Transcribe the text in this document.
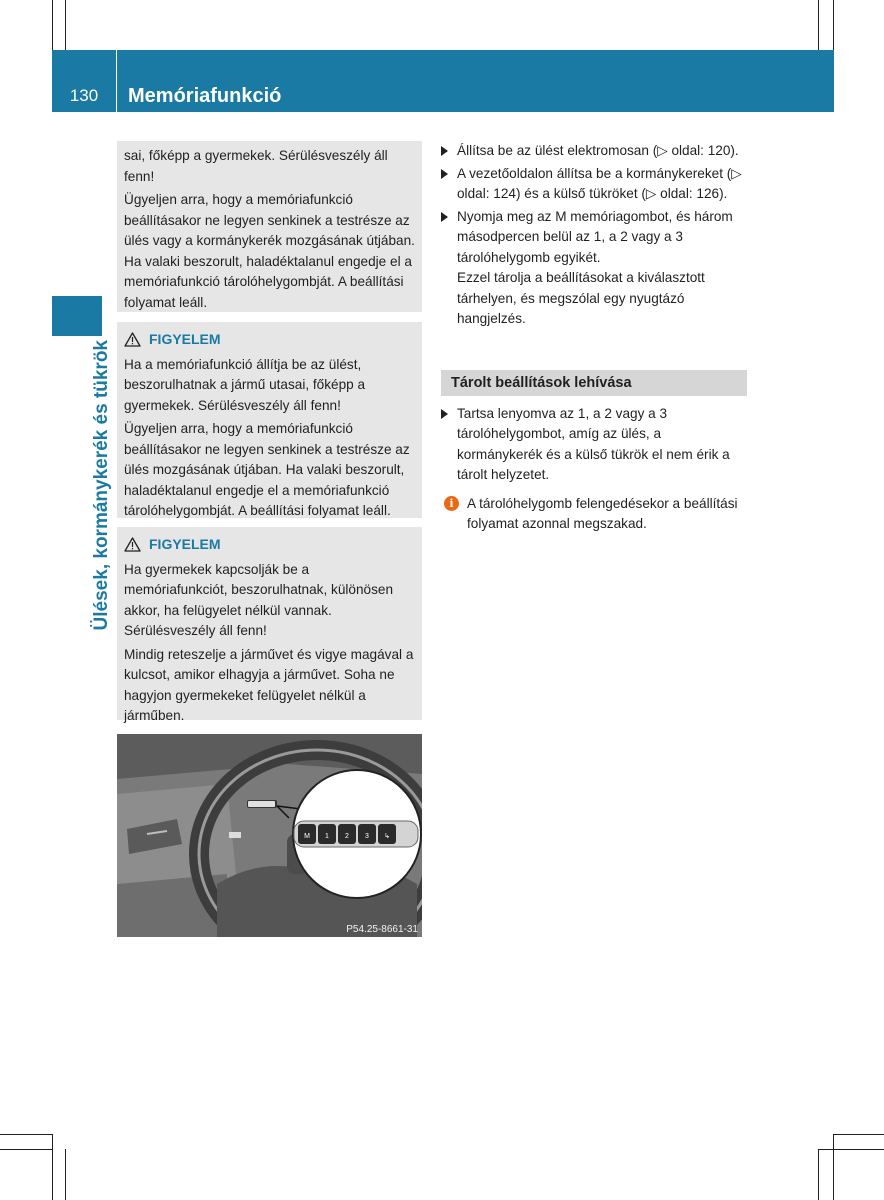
130	Memóriafunkció
Ülések, kormánykerék és tükrök

sai, főképp a gyermekek. Sérülésveszély áll fenn!

Ügyeljen arra, hogy a memóriafunkció beállításakor ne legyen senkinek a testrésze az ülés vagy a kormánykerék mozgásának útjában. Ha valaki beszorult, haladéktalanul engedje el a memóriafunkció tárolóhelygombját. A beállítási folyamat leáll.

FIGYELEM

Ha a memóriafunkció állítja be az ülést, beszorulhatnak a jármű utasai, főképp a gyermekek. Sérülésveszély áll fenn!

Ügyeljen arra, hogy a memóriafunkció beállításakor ne legyen senkinek a testrésze az ülés mozgásának útjában. Ha valaki beszorult, haladéktalanul engedje el a memóriafunkció tárolóhelygombját. A beállítási folyamat leáll.

FIGYELEM

Ha gyermekek kapcsolják be a memóriafunkciót, beszorulhatnak, különösen akkor, ha felügyelet nélkül vannak. Sérülésveszély áll fenn!

Mindig reteszelje a járművet és vigye magával a kulcsot, amikor elhagyja a járművet. Soha ne hagyjon gyermekeket felügyelet nélkül a járműben.

M 1 2 3 ↳
P54.25-8661-31
Állítsa be az ülést elektromosan (▷ oldal: 120).
A vezetőoldalon állítsa be a kormánykereket (▷ oldal: 124) és a külső tükröket (▷ oldal: 126).
Nyomja meg az M memóriagombot, és három másodpercen belül az 1, a 2 vagy a 3 tárolóhelygomb egyikét.

Ezzel tárolja a beállításokat a kiválasztott tárhelyen, és megszólal egy nyugtázó hangjelzés.

Tárolt beállítások lehívása
Tartsa lenyomva az 1, a 2 vagy a 3 tárolóhelygombot, amíg az ülés, a kormánykerék és a külső tükrök el nem érik a tárolt helyzetet.
i A tárolóhelygomb felengedésekor a beállítási folyamat azonnal megszakad.
